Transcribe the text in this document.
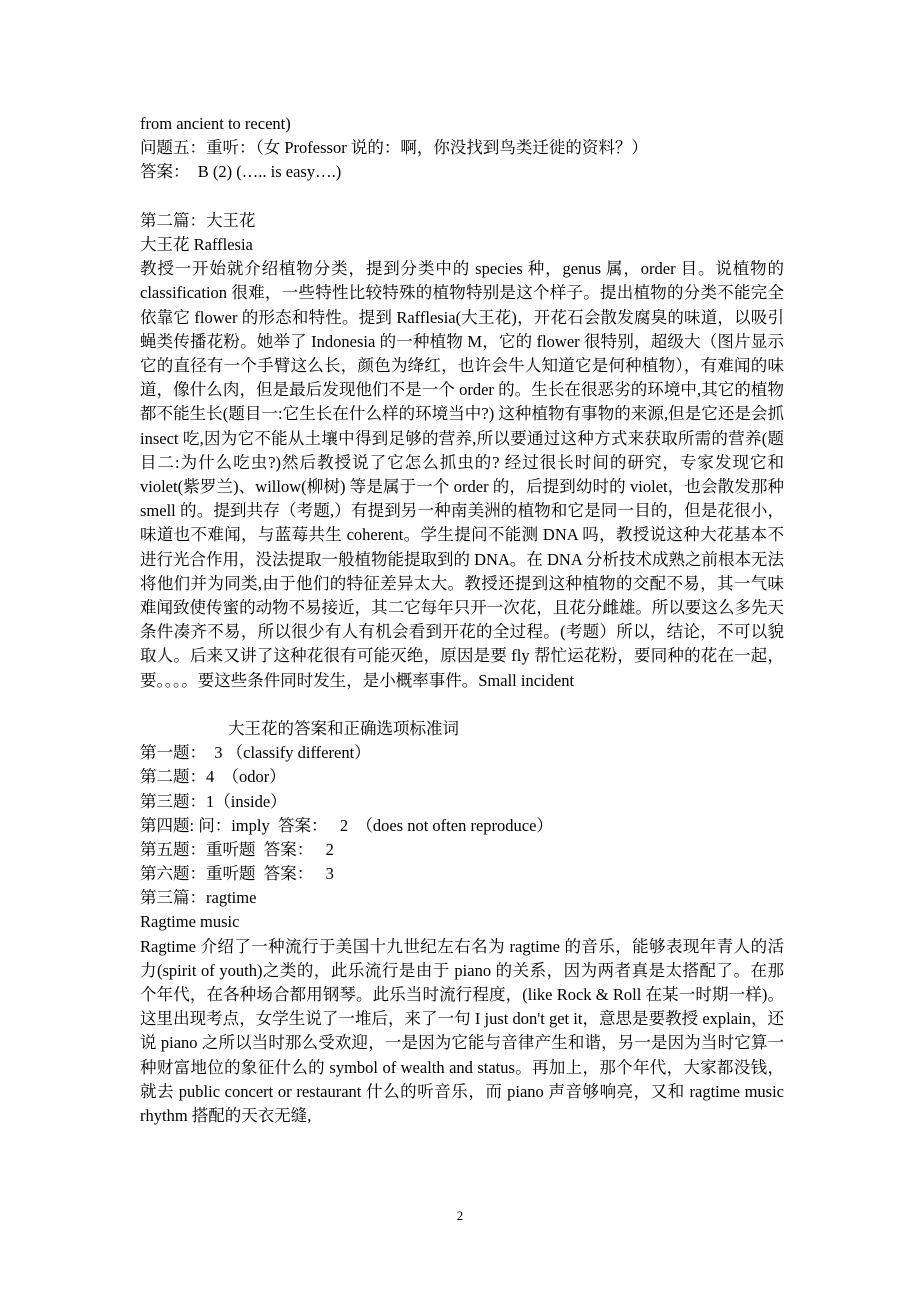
from ancient to recent)
问题五：重听：（女 Professor 说的：啊，你没找到鸟类迁徙的资料？）
答案：  B (2) (….. is easy….)
第二篇：大王花
大王花 Rafflesia

教授一开始就介绍植物分类，提到分类中的 species 种，genus 属，order 目。说植物的 classification 很难，一些特性比较特殊的植物特别是这个样子。提出植物的分类不能完全依靠它 flower 的形态和特性。提到 Rafflesia(大王花)，开花石会散发腐臭的味道，以吸引蝇类传播花粉。她举了 Indonesia 的一种植物 M，它的 flower 很特别，超级大（图片显示它的直径有一个手臂这么长，颜色为绛红，也许会牛人知道它是何种植物），有难闻的味道，像什么肉，但是最后发现他们不是一个 order 的。生长在很恶劣的环境中,其它的植物都不能生长(题目一:它生长在什么样的环境当中?) 这种植物有事物的来源,但是它还是会抓 insect 吃,因为它不能从土壤中得到足够的营养,所以要通过这种方式来获取所需的营养(题目二:为什么吃虫?)然后教授说了它怎么抓虫的? 经过很长时间的研究，专家发现它和 violet(紫罗兰)、willow(柳树) 等是属于一个 order 的，后提到幼时的 violet，也会散发那种 smell 的。提到共存（考题,）有提到另一种南美洲的植物和它是同一目的，但是花很小，味道也不难闻，与蓝莓共生 coherent。学生提问不能测 DNA 吗，教授说这种大花基本不进行光合作用，没法提取一般植物能提取到的 DNA。在 DNA 分析技术成熟之前根本无法将他们并为同类,由于他们的特征差异太大。教授还提到这种植物的交配不易，其一气味难闻致使传蜜的动物不易接近，其二它每年只开一次花，且花分雌雄。所以要这么多先天条件凑齐不易，所以很少有人有机会看到开花的全过程。(考题）所以，结论，不可以貌取人。后来又讲了这种花很有可能灭绝，原因是要 fly 帮忙运花粉，要同种的花在一起，要。。。。要这些条件同时发生，是小概率事件。Small incident

大王花的答案和正确选项标准词
第一题：  3 （classify different）
第二题：4  （odor）
第三题：1（inside）
第四题: 问：imply  答案：   2  （does not often reproduce）
第五题：重听题  答案：   2
第六题：重听题  答案：   3
第三篇：ragtime
Ragtime music

Ragtime 介绍了一种流行于美国十九世纪左右名为 ragtime 的音乐，能够表现年青人的活力(spirit of youth)之类的，此乐流行是由于 piano 的关系，因为两者真是太搭配了。在那个年代，在各种场合都用钢琴。此乐当时流行程度，(like Rock & Roll 在某一时期一样)。这里出现考点，女学生说了一堆后，来了一句 I just don't get it，意思是要教授 explain，还说 piano 之所以当时那么受欢迎，一是因为它能与音律产生和谐，另一是因为当时它算一种财富地位的象征什么的 symbol of wealth and status。再加上，那个年代，大家都没钱，就去 public concert or restaurant 什么的听音乐，而 piano 声音够响亮，又和 ragtime music rhythm 搭配的天衣无缝,

2
